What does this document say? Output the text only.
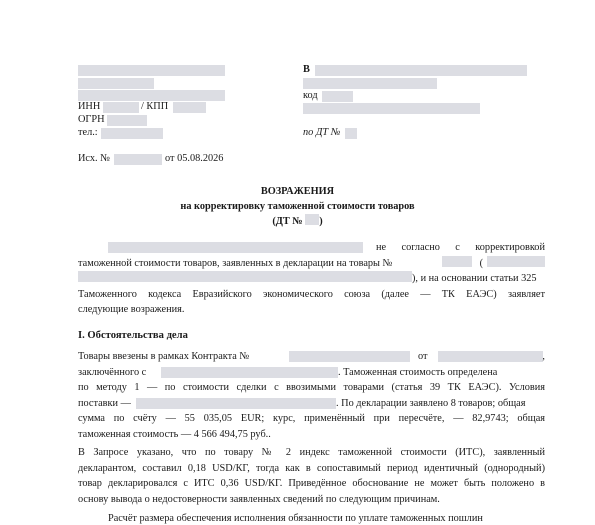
ИНН	/ КПП
ОГРН
тел.:
В
код
по ДТ №
Исх. №	от 05.08.2026
ВОЗРАЖЕНИЯ
на корректировку таможенной стоимости товаров
(ДТ № )
не согласно с корректировкой
таможенной стоимости товаров, заявленных в декларации на товары №	(
), и на основании статьи 325
Таможенного кодекса Евразийского экономического союза (далее — ТК ЕАЭС) заявляет
следующие возражения.
I. Обстоятельства дела
Товары ввезены в рамках Контракта №	от	,
заключённого с	. Таможенная стоимость определена
по методу 1 — по стоимости сделки с ввозимыми товарами (статья 39 ТК ЕАЭС). Условия
поставки —	. По декларации заявлено 8 товаров; общая
сумма по счёту — 55 035,05 EUR; курс, применённый при пересчёте, — 82,9743; общая
таможенная стоимость — 4 566 494,75 руб..
В Запросе указано, что по товару № 2 индекс таможенной стоимости (ИТС), заявленный
декларантом, составил 0,18 USD/КГ, тогда как в сопоставимый период идентичный (однородный)
товар декларировался с ИТС 0,36 USD/КГ. Приведённое обоснование не может быть положено в
основу вывода о недостоверности заявленных сведений по следующим причинам.
Расчёт размера обеспечения исполнения обязанности по уплате таможенных пошлин
